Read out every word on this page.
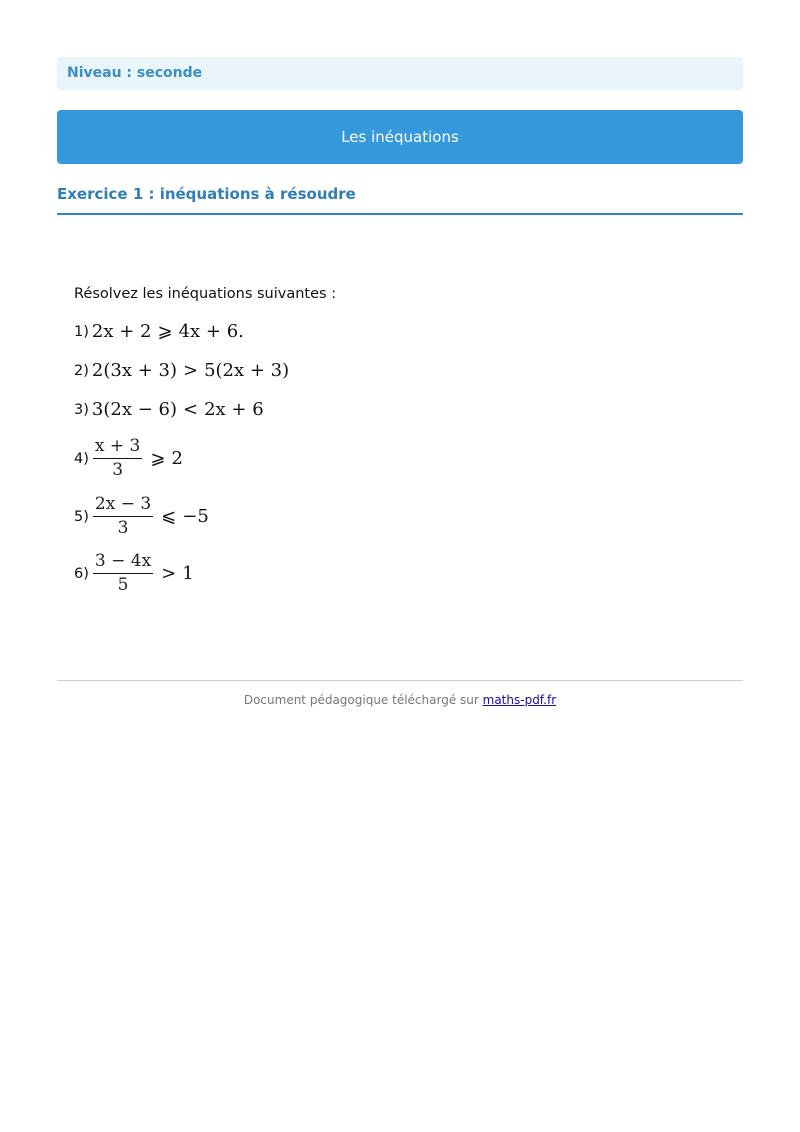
Niveau : seconde
Les inéquations
Exercice 1 : inéquations à résoudre
Résolvez les inéquations suivantes :
1) 2x + 2 ⩾ 4x + 6.
2) 2(3x + 3) > 5(2x + 3)
3) 3(2x − 6) < 2x + 6
$4) \frac{x + 3}{3}$ ⩾ 2
$5) \frac{2x - 3}{3}$ ⩽ −5
$6) \frac{3 - 4x}{5} > 1$
Document pédagogique téléchargé sur maths-pdf.fr
